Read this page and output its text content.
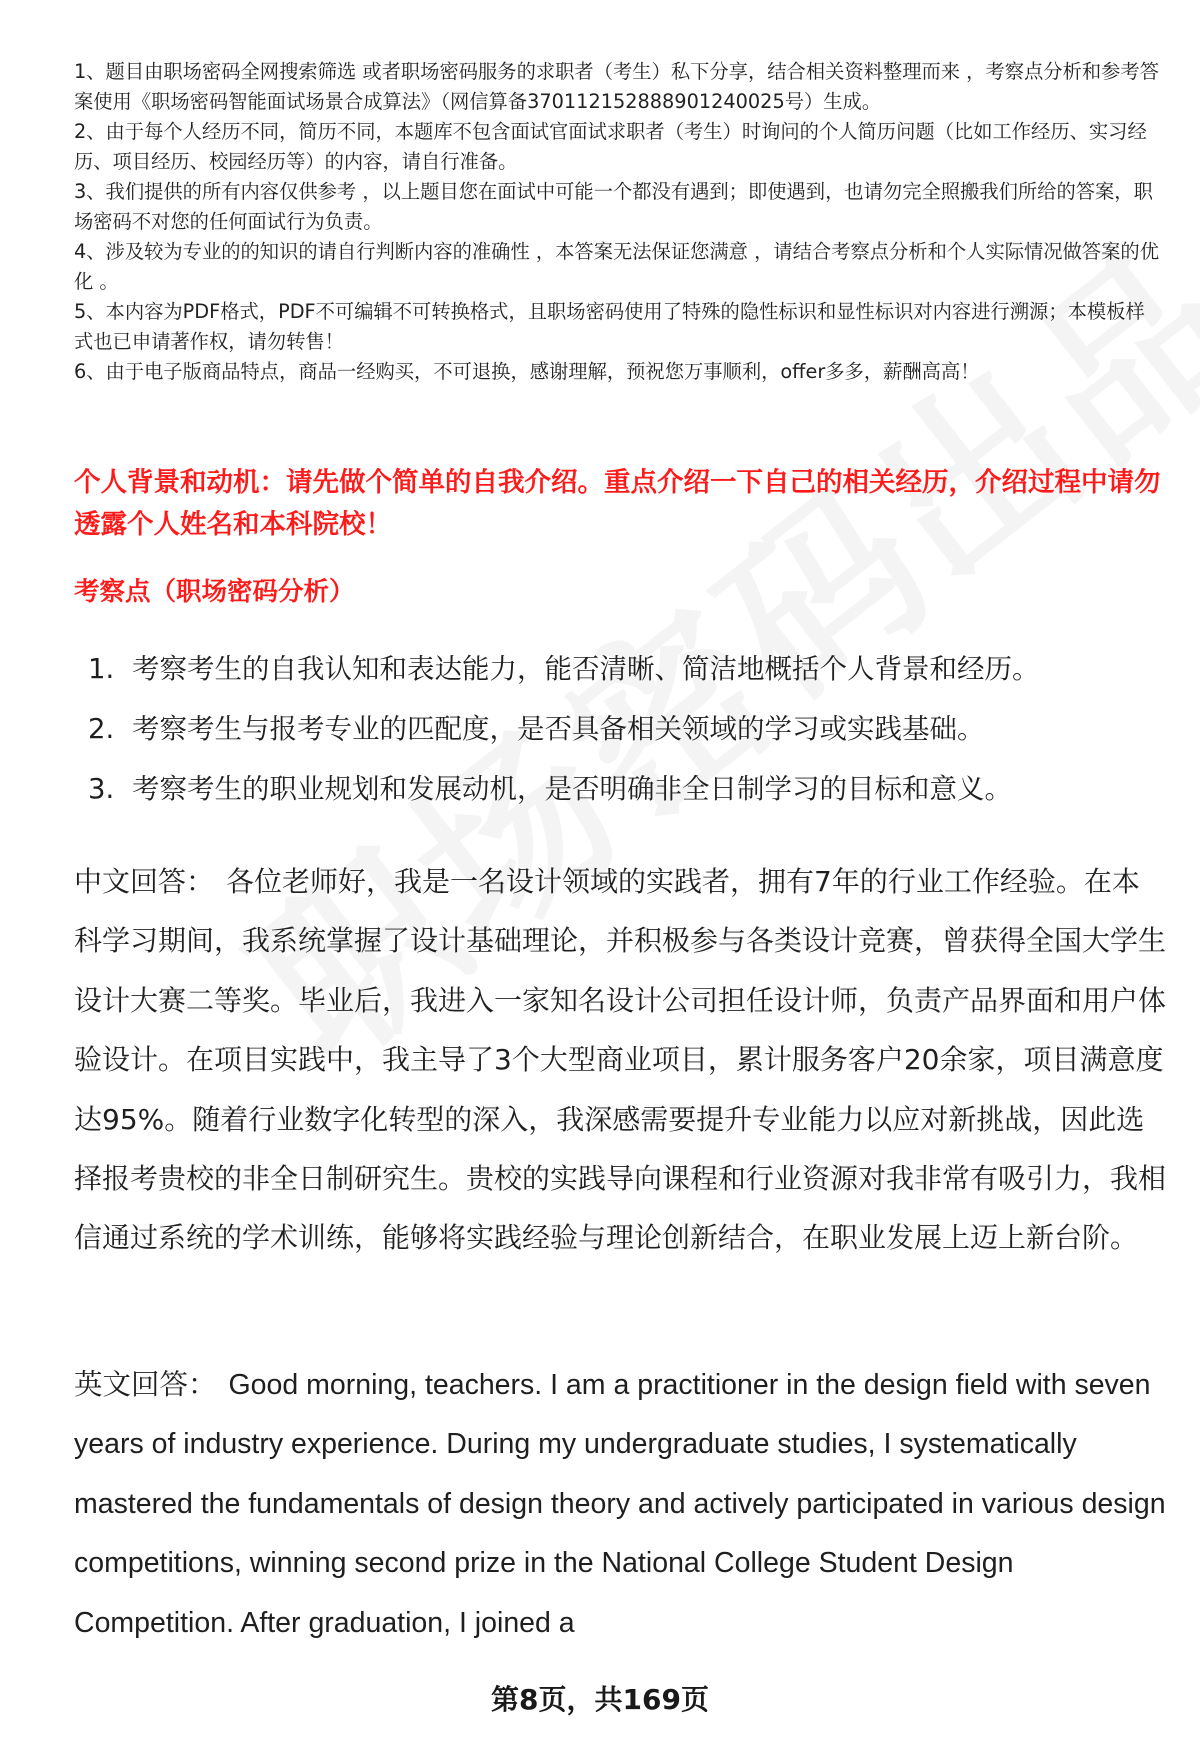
1、题目由职场密码全网搜索筛选 或者职场密码服务的求职者（考生）私下分享，结合相关资料整理而来 ，考察点分析和参考答案使用《职场密码智能面试场景合成算法》（网信算备370112152888901240025号）生成。

2、由于每个人经历不同，简历不同，本题库不包含面试官面试求职者（考生）时询问的个人简历问题（比如工作经历、实习经历、项目经历、校园经历等）的内容，请自行准备。

3、我们提供的所有内容仅供参考 ，以上题目您在面试中可能一个都没有遇到；即使遇到，也请勿完全照搬我们所给的答案，职场密码不对您的任何面试行为负责。

4、涉及较为专业的的知识的请自行判断内容的准确性 ，本答案无法保证您满意 ，请结合考察点分析和个人实际情况做答案的优化 。

5、本内容为PDF格式，PDF不可编辑不可转换格式，且职场密码使用了特殊的隐性标识和显性标识对内容进行溯源；本模板样式也已申请著作权，请勿转售！

6、由于电子版商品特点，商品一经购买，不可退换，感谢理解，预祝您万事顺利，offer多多，薪酬高高！

个人背景和动机：请先做个简单的自我介绍。重点介绍一下自己的相关经历，介绍过程中请勿透露个人姓名和本科院校！
考察点（职场密码分析）
1. 考察考生的自我认知和表达能力，能否清晰、简洁地概括个人背景和经历。
2. 考察考生与报考专业的匹配度，是否具备相关领域的学习或实践基础。
3. 考察考生的职业规划和发展动机，是否明确非全日制学习的目标和意义。

中文回答： 各位老师好，我是一名设计领域的实践者，拥有7年的行业工作经验。在本科学习期间，我系统掌握了设计基础理论，并积极参与各类设计竞赛，曾获得全国大学生设计大赛二等奖。毕业后，我进入一家知名设计公司担任设计师，负责产品界面和用户体验设计。在项目实践中，我主导了3个大型商业项目，累计服务客户20余家，项目满意度达95%。随着行业数字化转型的深入，我深感需要提升专业能力以应对新挑战，因此选择报考贵校的非全日制研究生。贵校的实践导向课程和行业资源对我非常有吸引力，我相信通过系统的学术训练，能够将实践经验与理论创新结合，在职业发展上迈上新台阶。

英文回答： Good morning, teachers. I am a practitioner in the design field with seven years of industry experience. During my undergraduate studies, I systematically mastered the fundamentals of design theory and actively participated in various design competitions, winning second prize in the National College Student Design Competition. After graduation, I joined a

第8页，共169页
